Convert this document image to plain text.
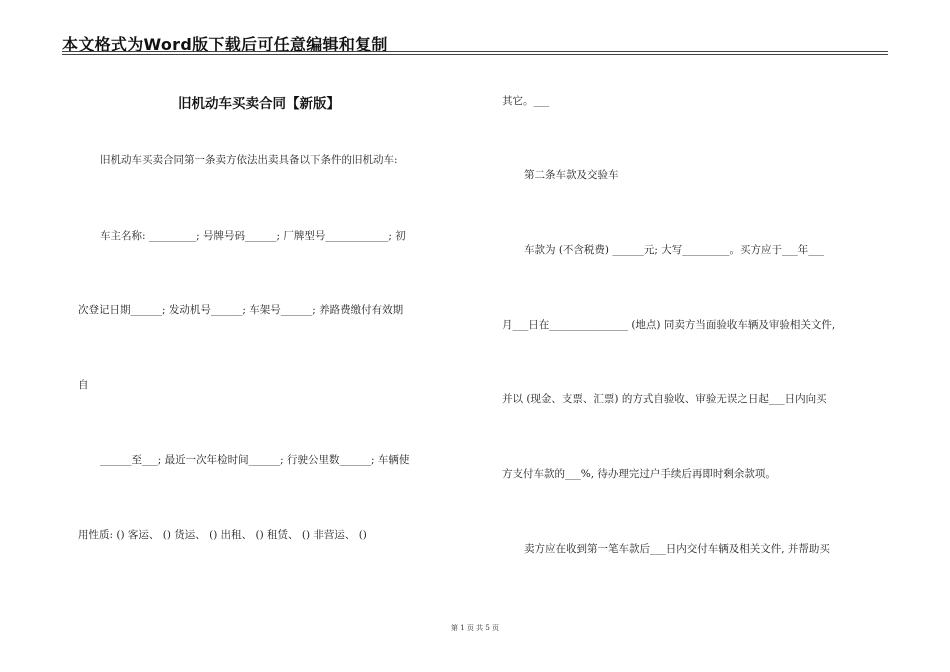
本文格式为Word版下载后可任意编辑和复制
旧机动车买卖合同【新版】
旧机动车买卖合同第一条卖方依法出卖具备以下条件的旧机动车:
车主名称: _________; 号牌号码______; 厂牌型号____________; 初
次登记日期______; 发动机号______; 车架号______; 养路费缴付有效期
自
______至___; 最近一次年检时间______; 行驶公里数______; 车辆使
用性质: () 客运、 () 货运、 () 出租、 () 租赁、 () 非营运、 ()
其它。___
第二条车款及交验车
车款为 (不含税费) ______元; 大写_________。买方应于___年___
月___日在_______________ (地点) 同卖方当面验收车辆及审验相关文件,
并以 (现金、支票、汇票) 的方式自验收、审验无误之日起___日内向买
方支付车款的___%, 待办理完过户手续后再即时剩余款项。
卖方应在收到第一笔车款后___日内交付车辆及相关文件, 并帮助买
第 1 页 共 5 页
